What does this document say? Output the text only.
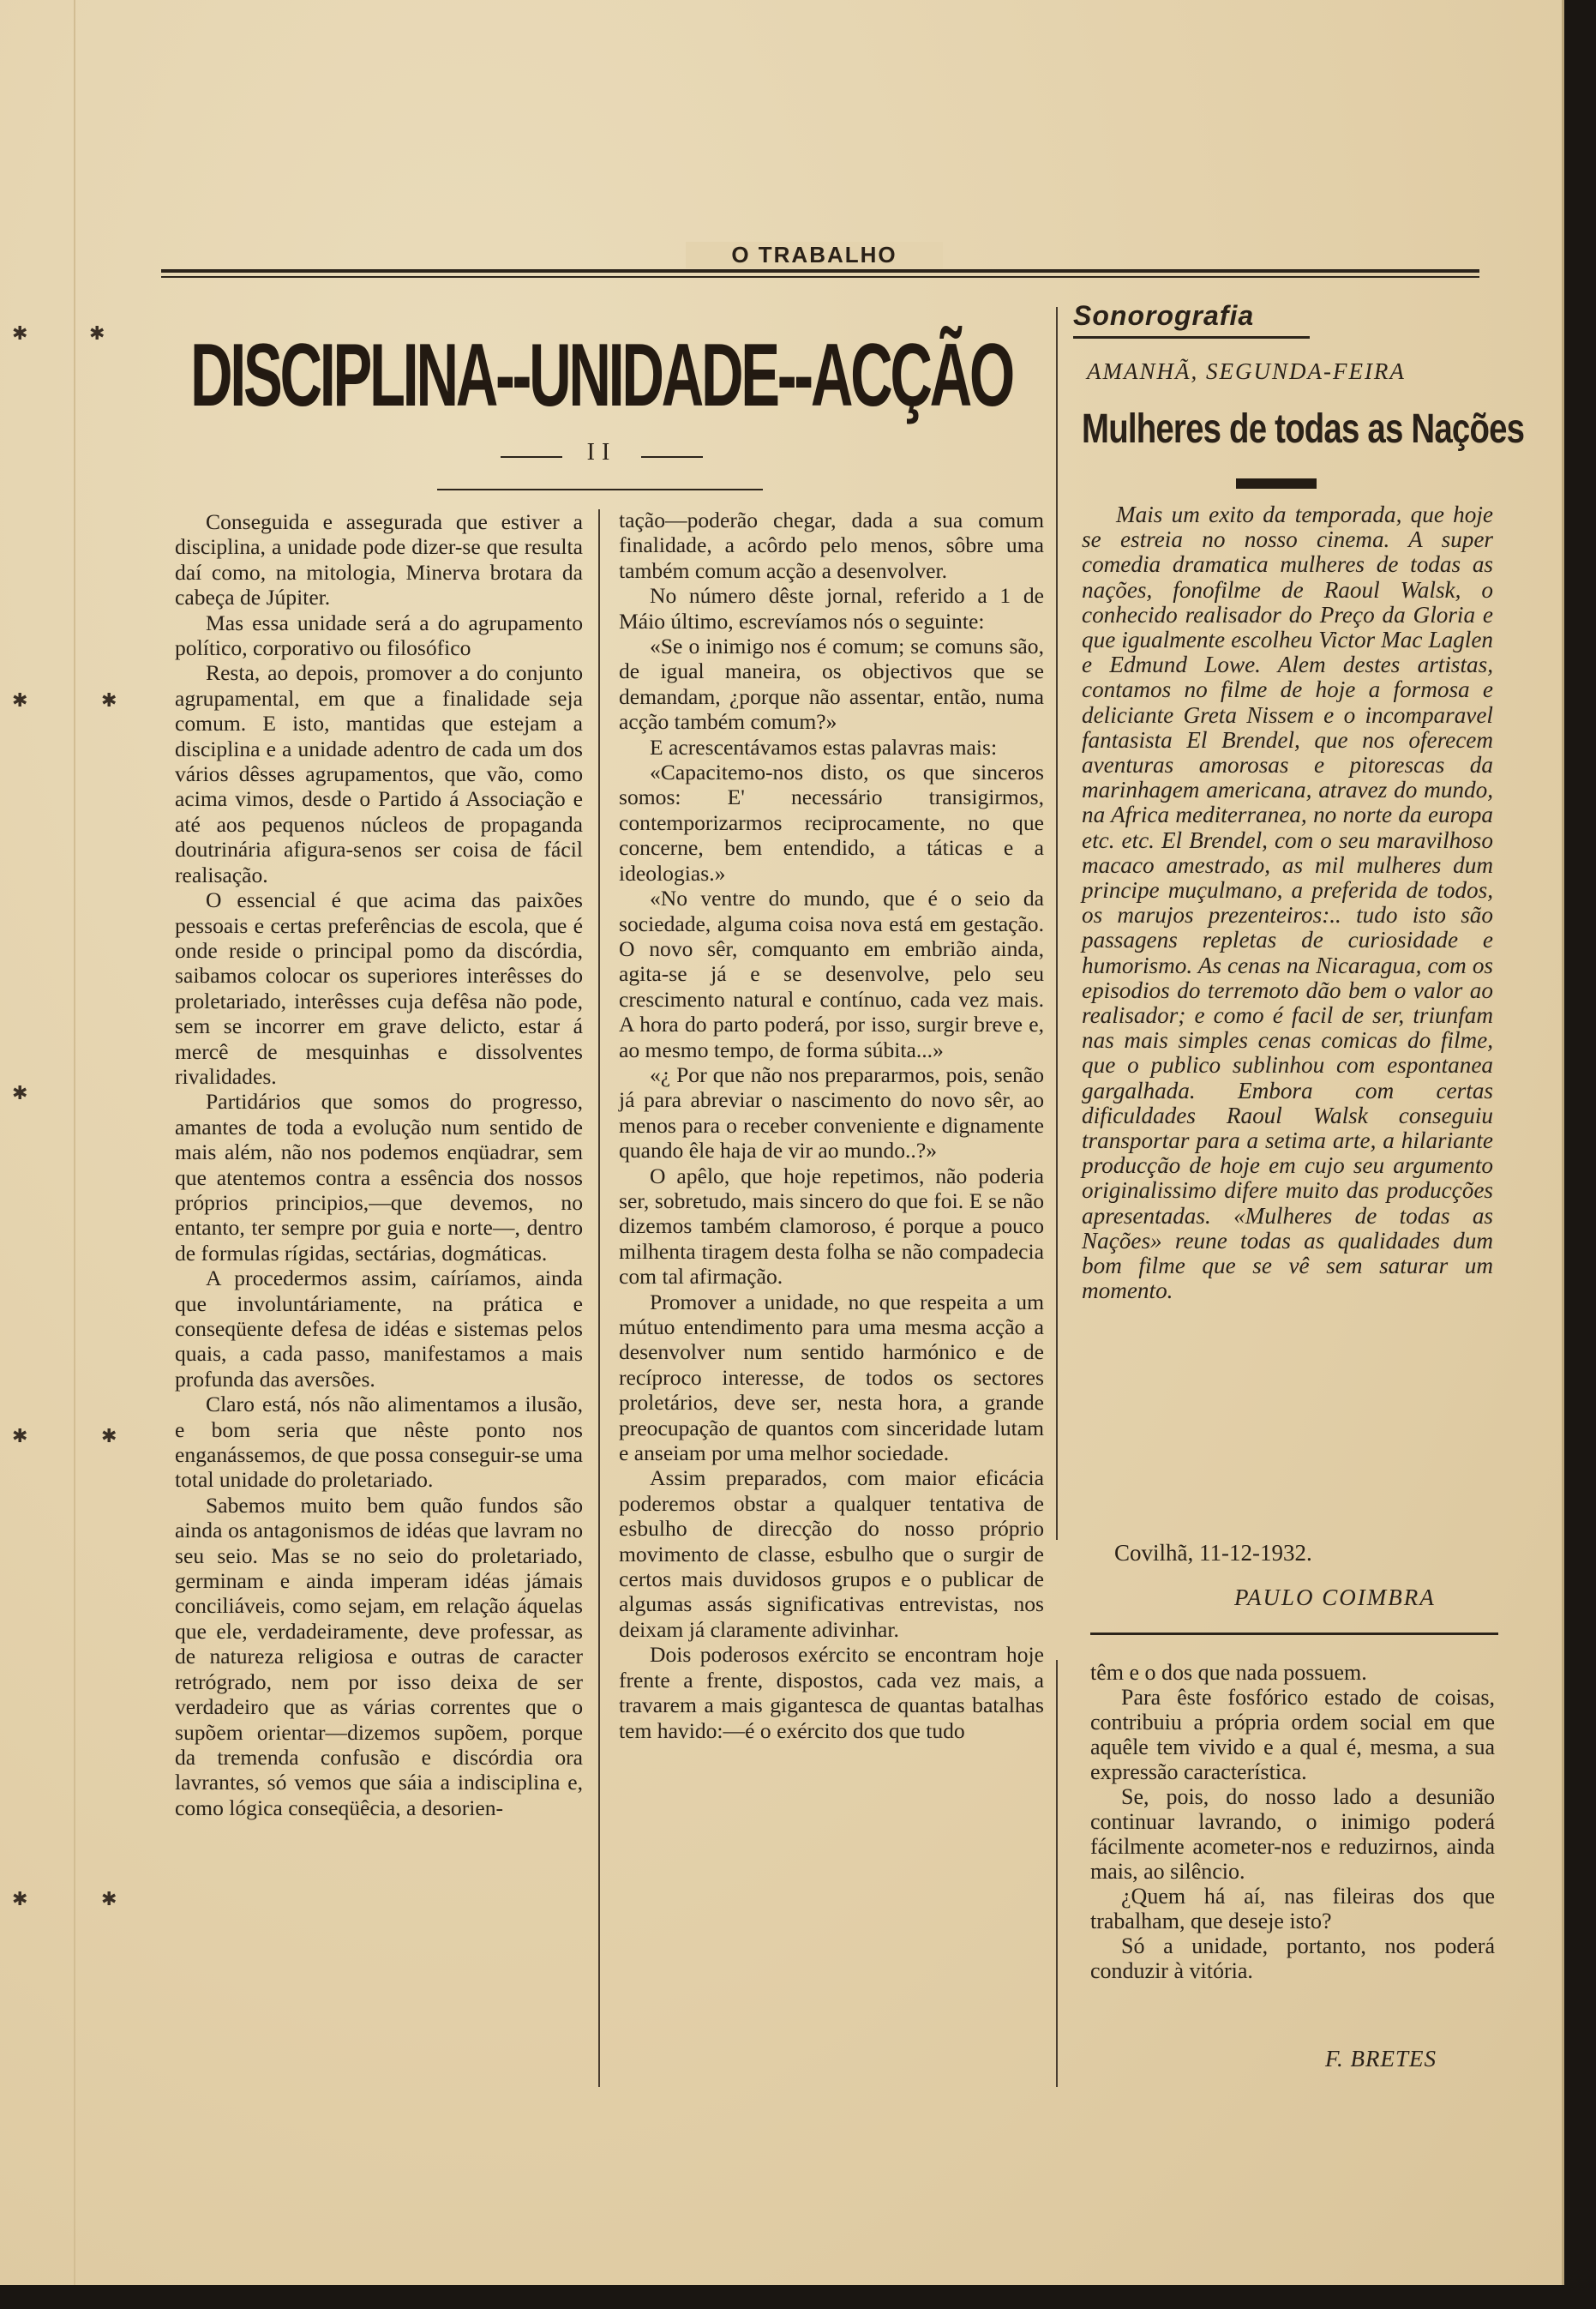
✱	✱
✱	✱
✱
✱	✱
✱	✱
O TRABALHO
DISCIPLINA--UNIDADE--ACÇÃO
II

Conseguida e assegurada que estiver a disciplina, a unidade pode dizer-se que resulta daí como, na mitologia, Minerva brotara da cabeça de Júpiter.

Mas essa unidade será a do agrupamento político, corporativo ou filosófico

Resta, ao depois, promover a do conjunto agrupamental, em que a finalidade seja comum. E isto, mantidas que estejam a disciplina e a unidade adentro de cada um dos vários dêsses agrupamentos, que vão, como acima vimos, desde o Partido á Associação e até aos pequenos núcleos de propaganda doutrinária afigura-senos ser coisa de fácil realisação.

O essencial é que acima das paixões pessoais e certas preferências de escola, que é onde reside o principal pomo da discórdia, saibamos colocar os superiores interêsses do proletariado, interêsses cuja defêsa não pode, sem se incorrer em grave delicto, estar á mercê de mesquinhas e dissolventes rivalidades.

Partidários que somos do progresso, amantes de toda a evolução num sentido de mais além, não nos podemos enqüadrar, sem que atentemos contra a essência dos nossos próprios principios,—que devemos, no entanto, ter sempre por guia e norte—, dentro de formulas rígidas, sectárias, dogmáticas.

A procedermos assim, caíríamos, ainda que involuntáriamente, na prática e conseqüente defesa de idéas e sistemas pelos quais, a cada passo, manifestamos a mais profunda das aversões.

Claro está, nós não alimentamos a ilusão, e bom seria que nêste ponto nos enganássemos, de que possa conseguir-se uma total unidade do proletariado.

Sabemos muito bem quão fundos são ainda os antagonismos de idéas que lavram no seu seio. Mas se no seio do proletariado, germinam e ainda imperam idéas jámais conciliáveis, como sejam, em relação áquelas que ele, verdadeiramente, deve professar, as de natureza religiosa e outras de caracter retrógrado, nem por isso deixa de ser verdadeiro que as várias correntes que o supõem orientar—dizemos supõem, porque da tremenda confusão e discórdia ora lavrantes, só vemos que sáia a indisciplina e, como lógica conseqüêcia, a desorien-

tação—poderão chegar, dada a sua comum finalidade, a acôrdo pelo menos, sôbre uma também comum acção a desenvolver.

No número dêste jornal, referido a 1 de Máio último, escrevíamos nós o seguinte:

«Se o inimigo nos é comum; se comuns são, de igual maneira, os objectivos que se demandam, ¿porque não assentar, então, numa acção também comum?»

E acrescentávamos estas palavras mais:

«Capacitemo-nos disto, os que sinceros somos: E' necessário transigirmos, contemporizarmos reciprocamente, no que concerne, bem entendido, a táticas e a ideologias.»

«No ventre do mundo, que é o seio da sociedade, alguma coisa nova está em gestação. O novo sêr, comquanto em embrião ainda, agita-se já e se desenvolve, pelo seu crescimento natural e contínuo, cada vez mais. A hora do parto poderá, por isso, surgir breve e, ao mesmo tempo, de forma súbita...»

«¿ Por que não nos prepararmos, pois, senão já para abreviar o nascimento do novo sêr, ao menos para o receber conveniente e dignamente quando êle haja de vir ao mundo..?»

O apêlo, que hoje repetimos, não poderia ser, sobretudo, mais sincero do que foi. E se não dizemos também clamoroso, é porque a pouco milhenta tiragem desta folha se não compadecia com tal afirmação.

Promover a unidade, no que respeita a um mútuo entendimento para uma mesma acção a desenvolver num sentido harmónico e de recíproco interesse, de todos os sectores proletários, deve ser, nesta hora, a grande preocupação de quantos com sinceridade lutam e anseiam por uma melhor sociedade.

Assim preparados, com maior eficácia poderemos obstar a qualquer tentativa de esbulho de direcção do nosso próprio movimento de classe, esbulho que o surgir de certos mais duvidosos grupos e o publicar de algumas assás significativas entrevistas, nos deixam já claramente adivinhar.

Dois poderosos exército se encontram hoje frente a frente, dispostos, cada vez mais, a travarem a mais gigantesca de quantas batalhas tem havido:—é o exército dos que tudo

Sonorografia
AMANHÃ, SEGUNDA-FEIRA
Mulheres de todas as Nações

Mais um exito da temporada, que hoje se estreia no nosso cinema. A super comedia dramatica mulheres de todas as nações, fonofilme de Raoul Walsk, o conhecido realisador do Preço da Gloria e que igualmente escolheu Victor Mac Laglen e Edmund Lowe. Alem destes artistas, contamos no filme de hoje a formosa e deliciante Greta Nissem e o incomparavel fantasista El Brendel, que nos oferecem aventuras amorosas e pitorescas da marinhagem americana, atravez do mundo, na Africa mediterranea, no norte da europa etc. etc. El Brendel, com o seu maravilhoso macaco amestrado, as mil mulheres dum principe muçulmano, a preferida de todos, os marujos prezenteiros:.. tudo isto são passagens repletas de curiosidade e humorismo. As cenas na Nicaragua, com os episodios do terremoto dão bem o valor ao realisador; e como é facil de ser, triunfam nas mais simples cenas comicas do filme, que o publico sublinhou com espontanea gargalhada. Embora com certas dificuldades Raoul Walsk conseguiu transportar para a setima arte, a hilariante producção de hoje em cujo seu argumento originalissimo difere muito das producções apresentadas. «Mulheres de todas as Nações» reune todas as qualidades dum bom filme que se vê sem saturar um momento.

Covilhã, 11-12-1932.
PAULO COIMBRA

têm e o dos que nada possuem.

Para êste fosfórico estado de coisas, contribuiu a própria ordem social em que aquêle tem vivido e a qual é, mesma, a sua expressão característica.

Se, pois, do nosso lado a desunião continuar lavrando, o inimigo poderá fácilmente acometer-nos e reduzirnos, ainda mais, ao silêncio.

¿Quem há aí, nas fileiras dos que trabalham, que deseje isto?

Só a unidade, portanto, nos poderá conduzir à vitória.

F. BRETES
